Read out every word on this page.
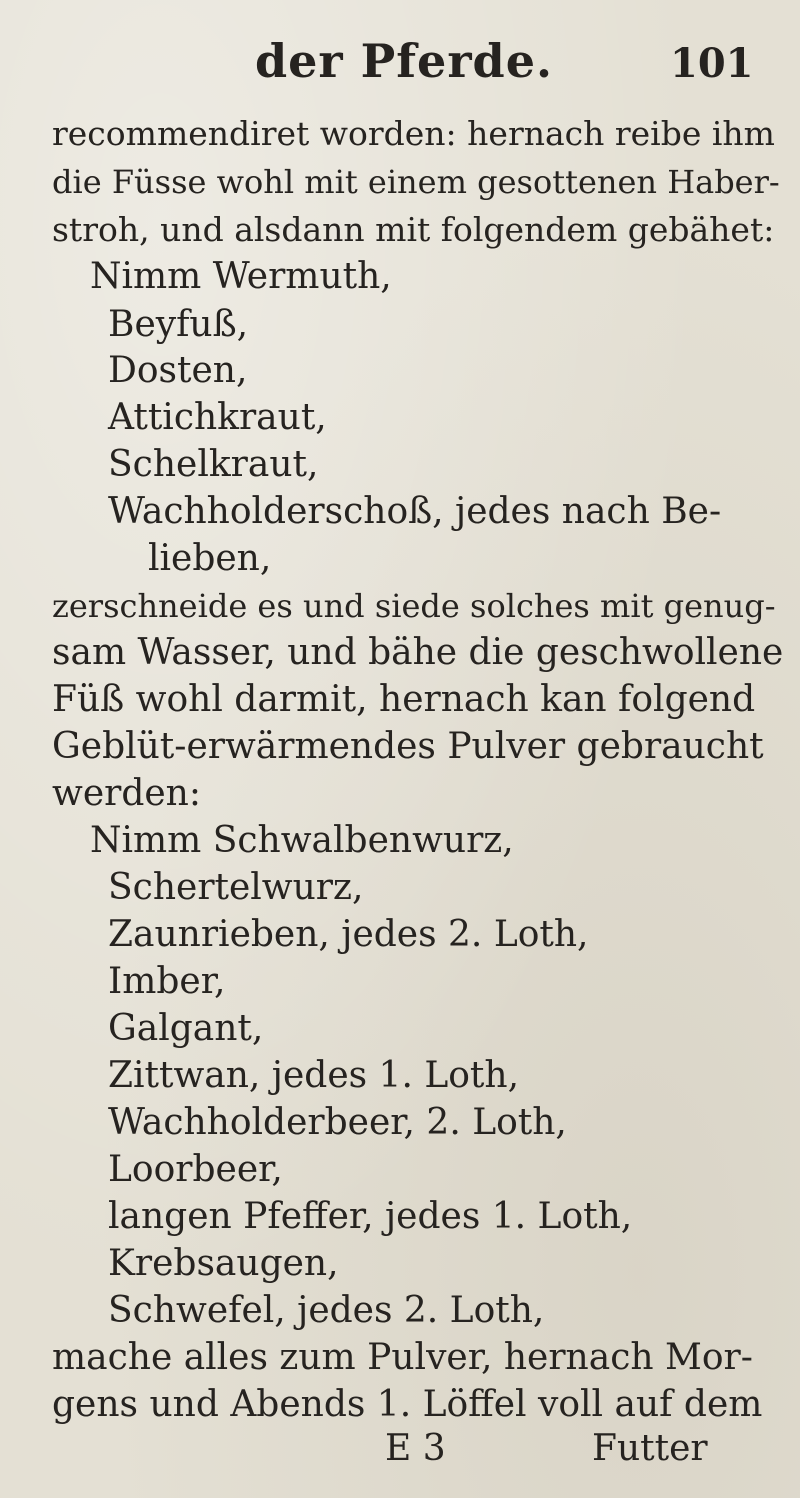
der Pferde.	101
recommendiret worden: hernach reibe ihm
die Füsse wohl mit einem gesottenen Haber-
stroh, und alsdann mit folgendem gebähet:
Nimm Wermuth,
Beyfuß,
Dosten,
Attichkraut,
Schelkraut,
Wachholderschoß, jedes nach Be-
lieben,
zerschneide es und siede solches mit genug-
sam Wasser, und bähe die geschwollene
Füß wohl darmit, hernach kan folgend
Geblüt-erwärmendes Pulver gebraucht
werden:
Nimm Schwalbenwurz,
Schertelwurz,
Zaunrieben, jedes 2. Loth,
Imber,
Galgant,
Zittwan, jedes 1. Loth,
Wachholderbeer, 2. Loth,
Loorbeer,
langen Pfeffer, jedes 1. Loth,
Krebsaugen,
Schwefel, jedes 2. Loth,
mache alles zum Pulver, hernach Mor-
gens und Abends 1. Löffel voll auf dem
E 3	Futter
